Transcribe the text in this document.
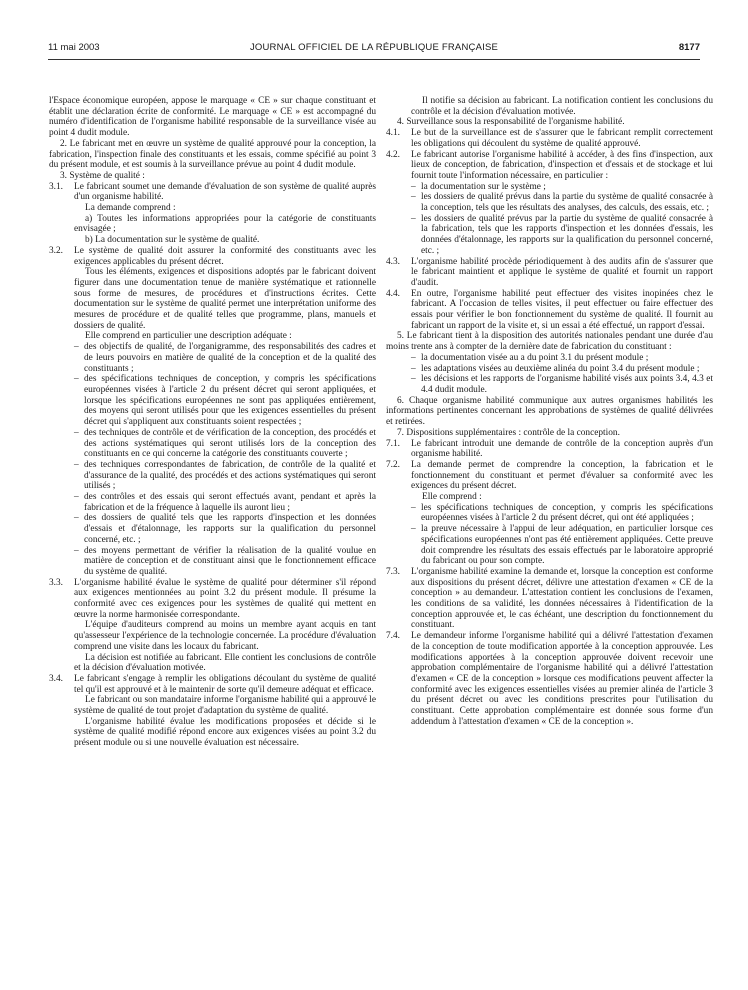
11 mai 2003	JOURNAL OFFICIEL DE LA RÉPUBLIQUE FRANÇAISE	8177

l'Espace économique européen, appose le marquage « CE » sur chaque constituant et établit une déclaration écrite de conformité. Le marquage « CE » est accompagné du numéro d'identification de l'organisme habilité responsable de la surveillance visée au point 4 dudit module.

2. Le fabricant met en œuvre un système de qualité approuvé pour la conception, la fabrication, l'inspection finale des constituants et les essais, comme spécifié au point 3 du présent module, et est soumis à la surveillance prévue au point 4 dudit module.

3. Système de qualité :

3.1.	Le fabricant soumet une demande d'évaluation de son système de qualité auprès d'un organisme habilité.

La demande comprend :

a) Toutes les informations appropriées pour la catégorie de constituants envisagée ;

b) La documentation sur le système de qualité.

3.2.	Le système de qualité doit assurer la conformité des constituants avec les exigences applicables du présent décret.

Tous les éléments, exigences et dispositions adoptés par le fabricant doivent figurer dans une documentation tenue de manière systématique et rationnelle sous forme de mesures, de procédures et d'instructions écrites. Cette documentation sur le système de qualité permet une interprétation uniforme des mesures de procédure et de qualité telles que programme, plans, manuels et dossiers de qualité.

Elle comprend en particulier une description adéquate :

– des objectifs de qualité, de l'organigramme, des responsabilités des cadres et de leurs pouvoirs en matière de qualité de la conception et de la qualité des constituants ;
– des spécifications techniques de conception, y compris les spécifications européennes visées à l'article 2 du présent décret qui seront appliquées, et lorsque les spécifications européennes ne sont pas appliquées entièrement, des moyens qui seront utilisés pour que les exigences essentielles du présent décret qui s'appliquent aux constituants soient respectées ;
– des techniques de contrôle et de vérification de la conception, des procédés et des actions systématiques qui seront utilisés lors de la conception des constituants en ce qui concerne la catégorie des constituants couverte ;
– des techniques correspondantes de fabrication, de contrôle de la qualité et d'assurance de la qualité, des procédés et des actions systématiques qui seront utilisés ;
– des contrôles et des essais qui seront effectués avant, pendant et après la fabrication et de la fréquence à laquelle ils auront lieu ;
– des dossiers de qualité tels que les rapports d'inspection et les données d'essais et d'étalonnage, les rapports sur la qualification du personnel concerné, etc. ;
– des moyens permettant de vérifier la réalisation de la qualité voulue en matière de conception et de constituant ainsi que le fonctionnement efficace du système de qualité.
3.3.	L'organisme habilité évalue le système de qualité pour déterminer s'il répond aux exigences mentionnées au point 3.2 du présent module. Il présume la conformité avec ces exigences pour les systèmes de qualité qui mettent en œuvre la norme harmonisée correspondante.

L'équipe d'auditeurs comprend au moins un membre ayant acquis en tant qu'assesseur l'expérience de la technologie concernée. La procédure d'évaluation comprend une visite dans les locaux du fabricant.

La décision est notifiée au fabricant. Elle contient les conclusions de contrôle et la décision d'évaluation motivée.

3.4.	Le fabricant s'engage à remplir les obligations découlant du système de qualité tel qu'il est approuvé et à le maintenir de sorte qu'il demeure adéquat et efficace.

Le fabricant ou son mandataire informe l'organisme habilité qui a approuvé le système de qualité de tout projet d'adaptation du système de qualité.

L'organisme habilité évalue les modifications proposées et décide si le système de qualité modifié répond encore aux exigences visées au point 3.2 du présent module ou si une nouvelle évaluation est nécessaire.

Il notifie sa décision au fabricant. La notification contient les conclusions du contrôle et la décision d'évaluation motivée.

4. Surveillance sous la responsabilité de l'organisme habilité.

4.1.	Le but de la surveillance est de s'assurer que le fabricant remplit correctement les obligations qui découlent du système de qualité approuvé.
4.2.	Le fabricant autorise l'organisme habilité à accéder, à des fins d'inspection, aux lieux de conception, de fabrication, d'inspection et d'essais et de stockage et lui fournit toute l'information nécessaire, en particulier :
– la documentation sur le système ;
– les dossiers de qualité prévus dans la partie du système de qualité consacrée à la conception, tels que les résultats des analyses, des calculs, des essais, etc. ;
– les dossiers de qualité prévus par la partie du système de qualité consacrée à la fabrication, tels que les rapports d'inspection et les données d'essais, les données d'étalonnage, les rapports sur la qualification du personnel concerné, etc. ;
4.3.	L'organisme habilité procède périodiquement à des audits afin de s'assurer que le fabricant maintient et applique le système de qualité et fournit un rapport d'audit.
4.4.	En outre, l'organisme habilité peut effectuer des visites inopinées chez le fabricant. A l'occasion de telles visites, il peut effectuer ou faire effectuer des essais pour vérifier le bon fonctionnement du système de qualité. Il fournit au fabricant un rapport de la visite et, si un essai a été effectué, un rapport d'essai.

5. Le fabricant tient à la disposition des autorités nationales pendant une durée d'au moins trente ans à compter de la dernière date de fabrication du constituant :

– la documentation visée au a du point 3.1 du présent module ;
– les adaptations visées au deuxième alinéa du point 3.4 du présent module ;
– les décisions et les rapports de l'organisme habilité visés aux points 3.4, 4.3 et 4.4 dudit module.

6. Chaque organisme habilité communique aux autres organismes habilités les informations pertinentes concernant les approbations de systèmes de qualité délivrées et retirées.

7. Dispositions supplémentaires : contrôle de la conception.

7.1.	Le fabricant introduit une demande de contrôle de la conception auprès d'un organisme habilité.
7.2.	La demande permet de comprendre la conception, la fabrication et le fonctionnement du constituant et permet d'évaluer sa conformité avec les exigences du présent décret.

Elle comprend :

– les spécifications techniques de conception, y compris les spécifications européennes visées à l'article 2 du présent décret, qui ont été appliquées ;
– la preuve nécessaire à l'appui de leur adéquation, en particulier lorsque ces spécifications européennes n'ont pas été entièrement appliquées. Cette preuve doit comprendre les résultats des essais effectués par le laboratoire approprié du fabricant ou pour son compte.
7.3.	L'organisme habilité examine la demande et, lorsque la conception est conforme aux dispositions du présent décret, délivre une attestation d'examen « CE de la conception » au demandeur. L'attestation contient les conclusions de l'examen, les conditions de sa validité, les données nécessaires à l'identification de la conception approuvée et, le cas échéant, une description du fonctionnement du constituant.
7.4.	Le demandeur informe l'organisme habilité qui a délivré l'attestation d'examen de la conception de toute modification apportée à la conception approuvée. Les modifications apportées à la conception approuvée doivent recevoir une approbation complémentaire de l'organisme habilité qui a délivré l'attestation d'examen « CE de la conception » lorsque ces modifications peuvent affecter la conformité avec les exigences essentielles visées au premier alinéa de l'article 3 du présent décret ou avec les conditions prescrites pour l'utilisation du constituant. Cette approbation complémentaire est donnée sous forme d'un addendum à l'attestation d'examen « CE de la conception ».
